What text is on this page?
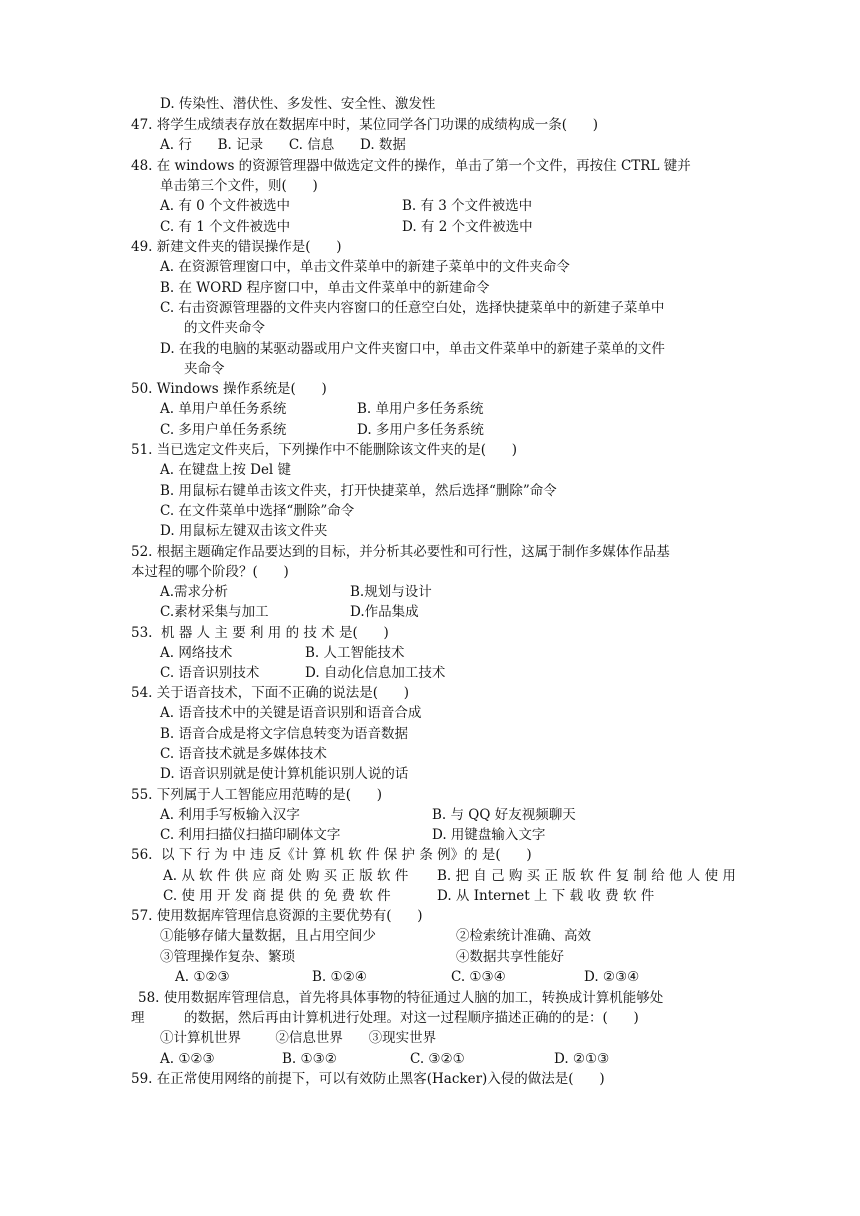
D. 传染性、潜伏性、多发性、安全性、激发性
47. 将学生成绩表存放在数据库中时，某位同学各门功课的成绩构成一条(      )
A. 行      B. 记录      C. 信息      D. 数据
48. 在 windows 的资源管理器中做选定文件的操作，单击了第一个文件，再按住 CTRL 键并
单击第三个文件，则(      )
A. 有 0 个文件被选中	B. 有 3 个文件被选中
C. 有 1 个文件被选中	D. 有 2 个文件被选中
49. 新建文件夹的错误操作是(      )
A. 在资源管理窗口中，单击文件菜单中的新建子菜单中的文件夹命令
B. 在 WORD 程序窗口中，单击文件菜单中的新建命令
C. 右击资源管理器的文件夹内容窗口的任意空白处，选择快捷菜单中的新建子菜单中
的文件夹命令
D. 在我的电脑的某驱动器或用户文件夹窗口中，单击文件菜单中的新建子菜单的文件
夹命令
50. Windows 操作系统是(      )
A. 单用户单任务系统	B. 单用户多任务系统
C. 多用户单任务系统	D. 多用户多任务系统
51. 当已选定文件夹后，下列操作中不能删除该文件夹的是(      )
A. 在键盘上按 Del 键
B. 用鼠标右键单击该文件夹，打开快捷菜单，然后选择“删除”命令
C. 在文件菜单中选择“删除”命令
D. 用鼠标左键双击该文件夹
52. 根据主题确定作品要达到的目标，并分析其必要性和可行性，这属于制作多媒体作品基
本过程的哪个阶段？(      )
A.需求分析	B.规划与设计
C.素材采集与加工	D.作品集成
53.  机 器 人 主 要 利 用 的 技 术 是(      )
A. 网络技术	B. 人工智能技术
C. 语音识别技术	D. 自动化信息加工技术
54. 关于语音技术，下面不正确的说法是(      )
A. 语音技术中的关键是语音识别和语音合成
B. 语音合成是将文字信息转变为语音数据
C. 语音技术就是多媒体技术
D. 语音识别就是使计算机能识别人说的话
55. 下列属于人工智能应用范畴的是(      )
A. 利用手写板输入汉字	B. 与 QQ 好友视频聊天
C. 利用扫描仪扫描印刷体文字	D. 用键盘输入文字
56.  以 下 行 为 中 违 反《计 算 机 软 件 保 护 条 例》的 是(      )
A. 从 软 件 供 应 商 处 购 买 正 版 软 件 B. 把 自 己 购 买 正 版 软 件 复 制 给 他 人 使 用
C. 使 用 开 发 商 提 供 的 免 费 软 件	D. 从 Internet 上 下 载 收 费 软 件
57. 使用数据库管理信息资源的主要优势有(      )
①能够存储大量数据，且占用空间少	②检索统计准确、高效
③管理操作复杂、繁琐	④数据共享性能好
A. ①②③	B. ①②④	C. ①③④	D. ②③④
58. 使用数据库管理信息，首先将具体事物的特征通过人脑的加工，转换成计算机能够处
理	的数据，然后再由计算机进行处理。对这一过程顺序描述正确的的是：(      )
①计算机世界        ②信息世界      ③现实世界
A. ①②③	B. ①③②	C. ③②①	D. ②①③
59. 在正常使用网络的前提下，可以有效防止黑客(Hacker)入侵的做法是(      )
